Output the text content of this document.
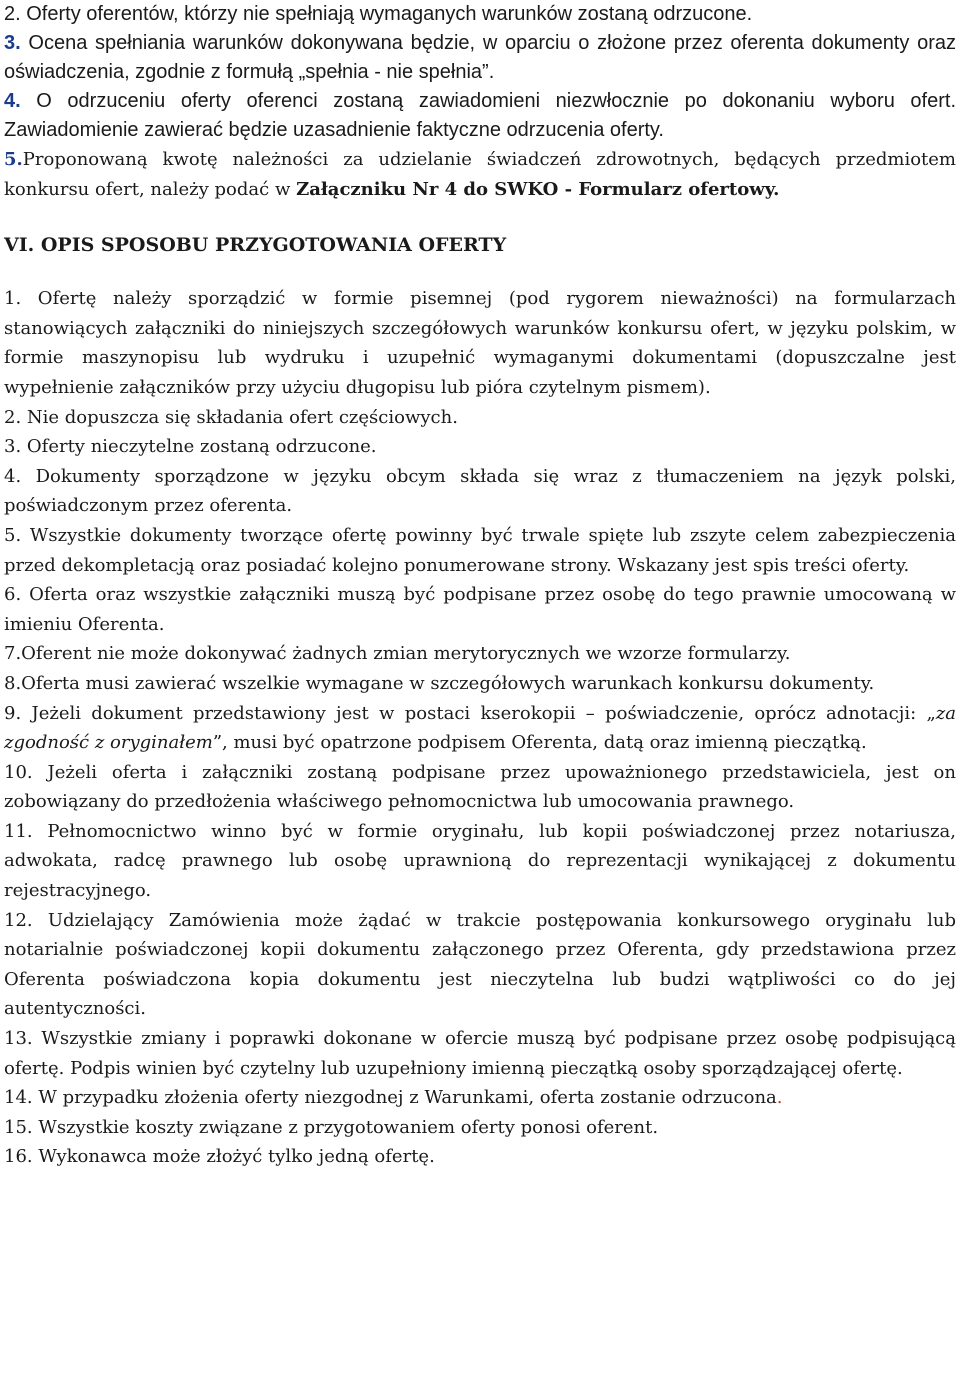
2. Oferty oferentów, którzy nie spełniają wymaganych warunków zostaną odrzucone.

3. Ocena spełniania warunków dokonywana będzie, w oparciu o złożone przez oferenta dokumenty oraz oświadczenia, zgodnie z formułą „spełnia - nie spełnia”.

4. O odrzuceniu oferty oferenci zostaną zawiadomieni niezwłocznie po dokonaniu wyboru ofert. Zawiadomienie zawierać będzie uzasadnienie faktyczne odrzucenia oferty.

5.Proponowaną kwotę należności za udzielanie świadczeń zdrowotnych, będących przedmiotem konkursu ofert, należy podać w Załączniku Nr 4 do SWKO - Formularz ofertowy.

VI. OPIS SPOSOBU PRZYGOTOWANIA OFERTY

1. Ofertę należy sporządzić w formie pisemnej (pod rygorem nieważności) na formularzach stanowiących załączniki do niniejszych szczegółowych warunków konkursu ofert, w języku polskim, w formie maszynopisu lub wydruku i uzupełnić wymaganymi dokumentami (dopuszczalne jest wypełnienie załączników przy użyciu długopisu lub pióra czytelnym pismem).

2. Nie dopuszcza się składania ofert częściowych.

3. Oferty nieczytelne zostaną odrzucone.

4. Dokumenty sporządzone w języku obcym składa się wraz z tłumaczeniem na język polski, poświadczonym przez oferenta.

5. Wszystkie dokumenty tworzące ofertę powinny być trwale spięte lub zszyte celem zabezpieczenia przed dekompletacją oraz posiadać kolejno ponumerowane strony. Wskazany jest spis treści oferty.

6. Oferta oraz wszystkie załączniki muszą być podpisane przez osobę do tego prawnie umocowaną w imieniu Oferenta.

7.Oferent nie może dokonywać żadnych zmian merytorycznych we wzorze formularzy.

8.Oferta musi zawierać wszelkie wymagane w szczegółowych warunkach konkursu dokumenty.

9. Jeżeli dokument przedstawiony jest w postaci kserokopii – poświadczenie, oprócz adnotacji: „za zgodność z oryginałem”, musi być opatrzone podpisem Oferenta, datą oraz imienną pieczątką.

10. Jeżeli oferta i załączniki zostaną podpisane przez upoważnionego przedstawiciela, jest on zobowiązany do przedłożenia właściwego pełnomocnictwa lub umocowania prawnego.

11. Pełnomocnictwo winno być w formie oryginału, lub kopii poświadczonej przez notariusza, adwokata, radcę prawnego lub osobę uprawnioną do reprezentacji wynikającej z dokumentu rejestracyjnego.

12. Udzielający Zamówienia może żądać w trakcie postępowania konkursowego oryginału lub notarialnie poświadczonej kopii dokumentu załączonego przez Oferenta, gdy przedstawiona przez Oferenta poświadczona kopia dokumentu jest nieczytelna lub budzi wątpliwości co do jej autentyczności.

13. Wszystkie zmiany i poprawki dokonane w ofercie muszą być podpisane przez osobę podpisującą ofertę. Podpis winien być czytelny lub uzupełniony imienną pieczątką osoby sporządzającej ofertę.

14. W przypadku złożenia oferty niezgodnej z Warunkami, oferta zostanie odrzucona.

15. Wszystkie koszty związane z przygotowaniem oferty ponosi oferent.

16. Wykonawca może złożyć tylko jedną ofertę.
